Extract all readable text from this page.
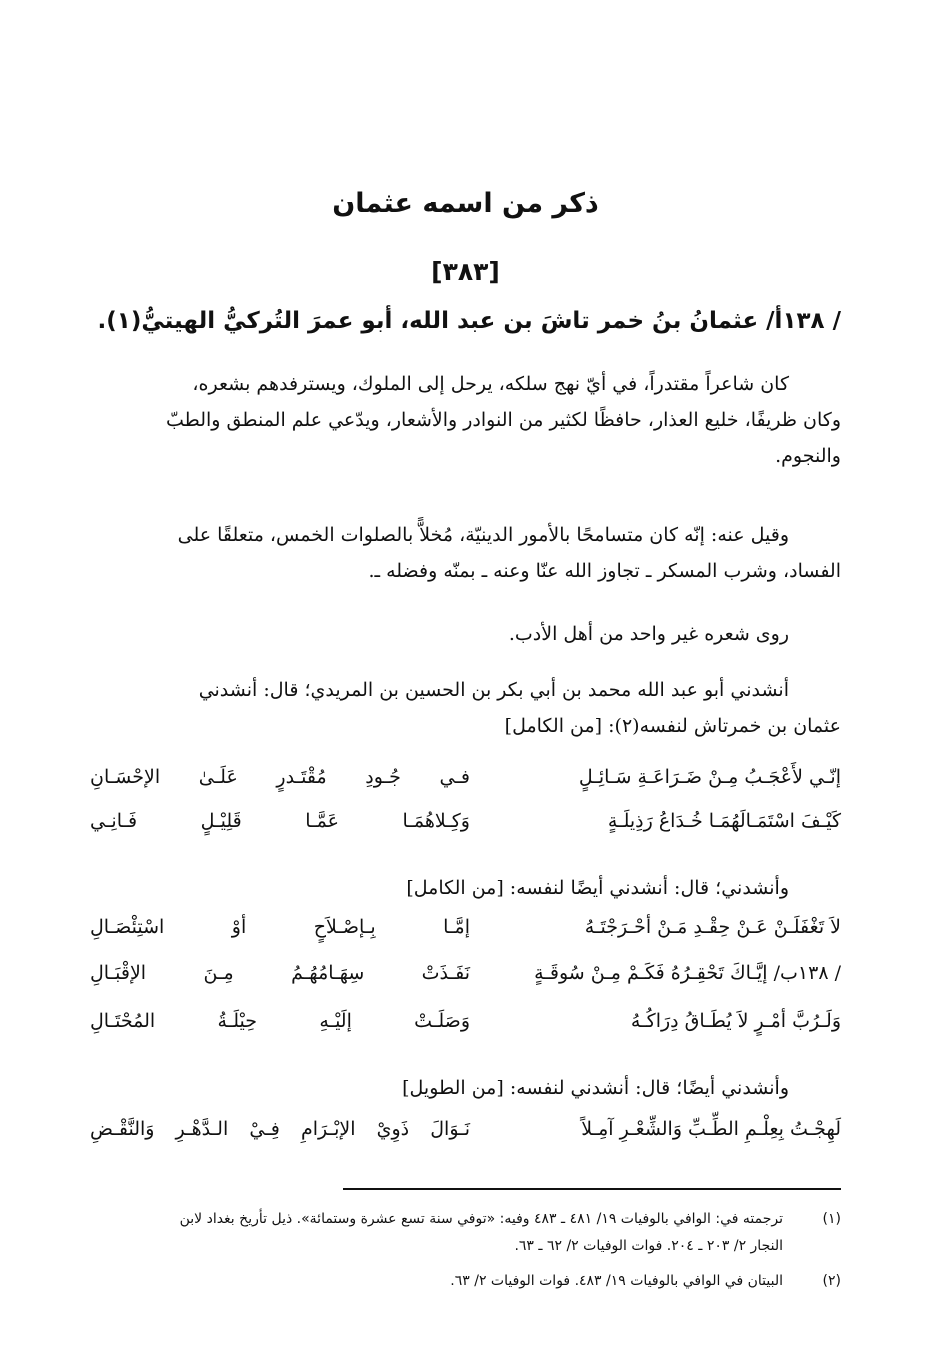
ذكر من اسمه عثمان
[٣٨٣]
/ ١٣٨أ/ عثمانُ بنُ خمر تاشَ بن عبد الله، أبو عمرَ التُركيُّ الهيتيُّ(١).
كان شاعراً مقتدراً، في أيّ نهج سلكه، يرحل إلى الملوك، ويسترفدهم بشعره،
وكان ظريفًا، خليع العذار، حافظًا لكثير من النوادر والأشعار، ويدّعي علم المنطق والطبّ
والنجوم.
وقيل عنه: إنّه كان متسامحًا بالأمور الدينيّة، مُخلاًّ بالصلوات الخمس، متعلقًا على
الفساد، وشرب المسكر ـ تجاوز الله عنّا وعنه ـ بمنّه وفضله ـ.
روى شعره غير واحد من أهل الأدب.
أنشدني أبو عبد الله محمد بن أبي بكر بن الحسين بن المريدي؛ قال: أنشدني
عثمان بن خمرتاش لنفسه(٢): [من الكامل]
إنّـي لأَعْجَـبُ مِـنْ ضَـرَاعَـةِ سَـائِـلٍ
فـي جُـودِ مُقْتَـدرٍ عَلَـىٰ الإحْسَـانِ
كَيْـفَ اسْتَمَـالَهُمَـا خُـدَاعُ رَذِيلَـةٍ
وَكِـلاهُمَـا عَمَّـا قَلِيْـلٍ فَـانِـي
وأنشدني؛ قال: أنشدني أيضًا لنفسه: [من الكامل]
لاَ تَغْفَلَـنْ عَـنْ حِقْـدِ مَـنْ أحْـرَجْتَـهُ
إمَّـا بِـإصْـلاَحٍ أوْ اسْتِئْصَـالِ
/ ١٣٨ب/ إيَّـاكَ تَحْقِـرُهُ فَكَـمْ مِـنْ سُوقَـةٍ
نَفَـذَتْ سِهَـامُهُـمُ مِـنَ الإقْبَـالِ
وَلَـرُبَّ أمْـرٍ لاَ يُطَـاقُ دِرَاكُـهُ
وَصَلَـتْ إلَيْـهِ حِيْلَـةُ المُحْتَـالِ
وأنشدني أيضًا؛ قال: أنشدني لنفسه: [من الطويل]
لَهِجْـتُ بِعِلْـمِ الطِّـبِّ وَالشِّعْـرِ آمِـلاً
نَـوَالَ ذَوِيْ الإبْـرَامِ فِـيْ الـدَّهْـرِ وَالنَّقْـضِ
(١)
ترجمته في: الوافي بالوفيات ١٩/ ٤٨١ ـ ٤٨٣ وفيه: «توفي سنة تسع عشرة وستمائة». ذيل تأريخ بغداد لابن
النجار ٢/ ٢٠٣ ـ ٢٠٤. فوات الوفيات ٢/ ٦٢ ـ ٦٣.
(٢)
البيتان في الوافي بالوفيات ١٩/ ٤٨٣. فوات الوفيات ٢/ ٦٣.
